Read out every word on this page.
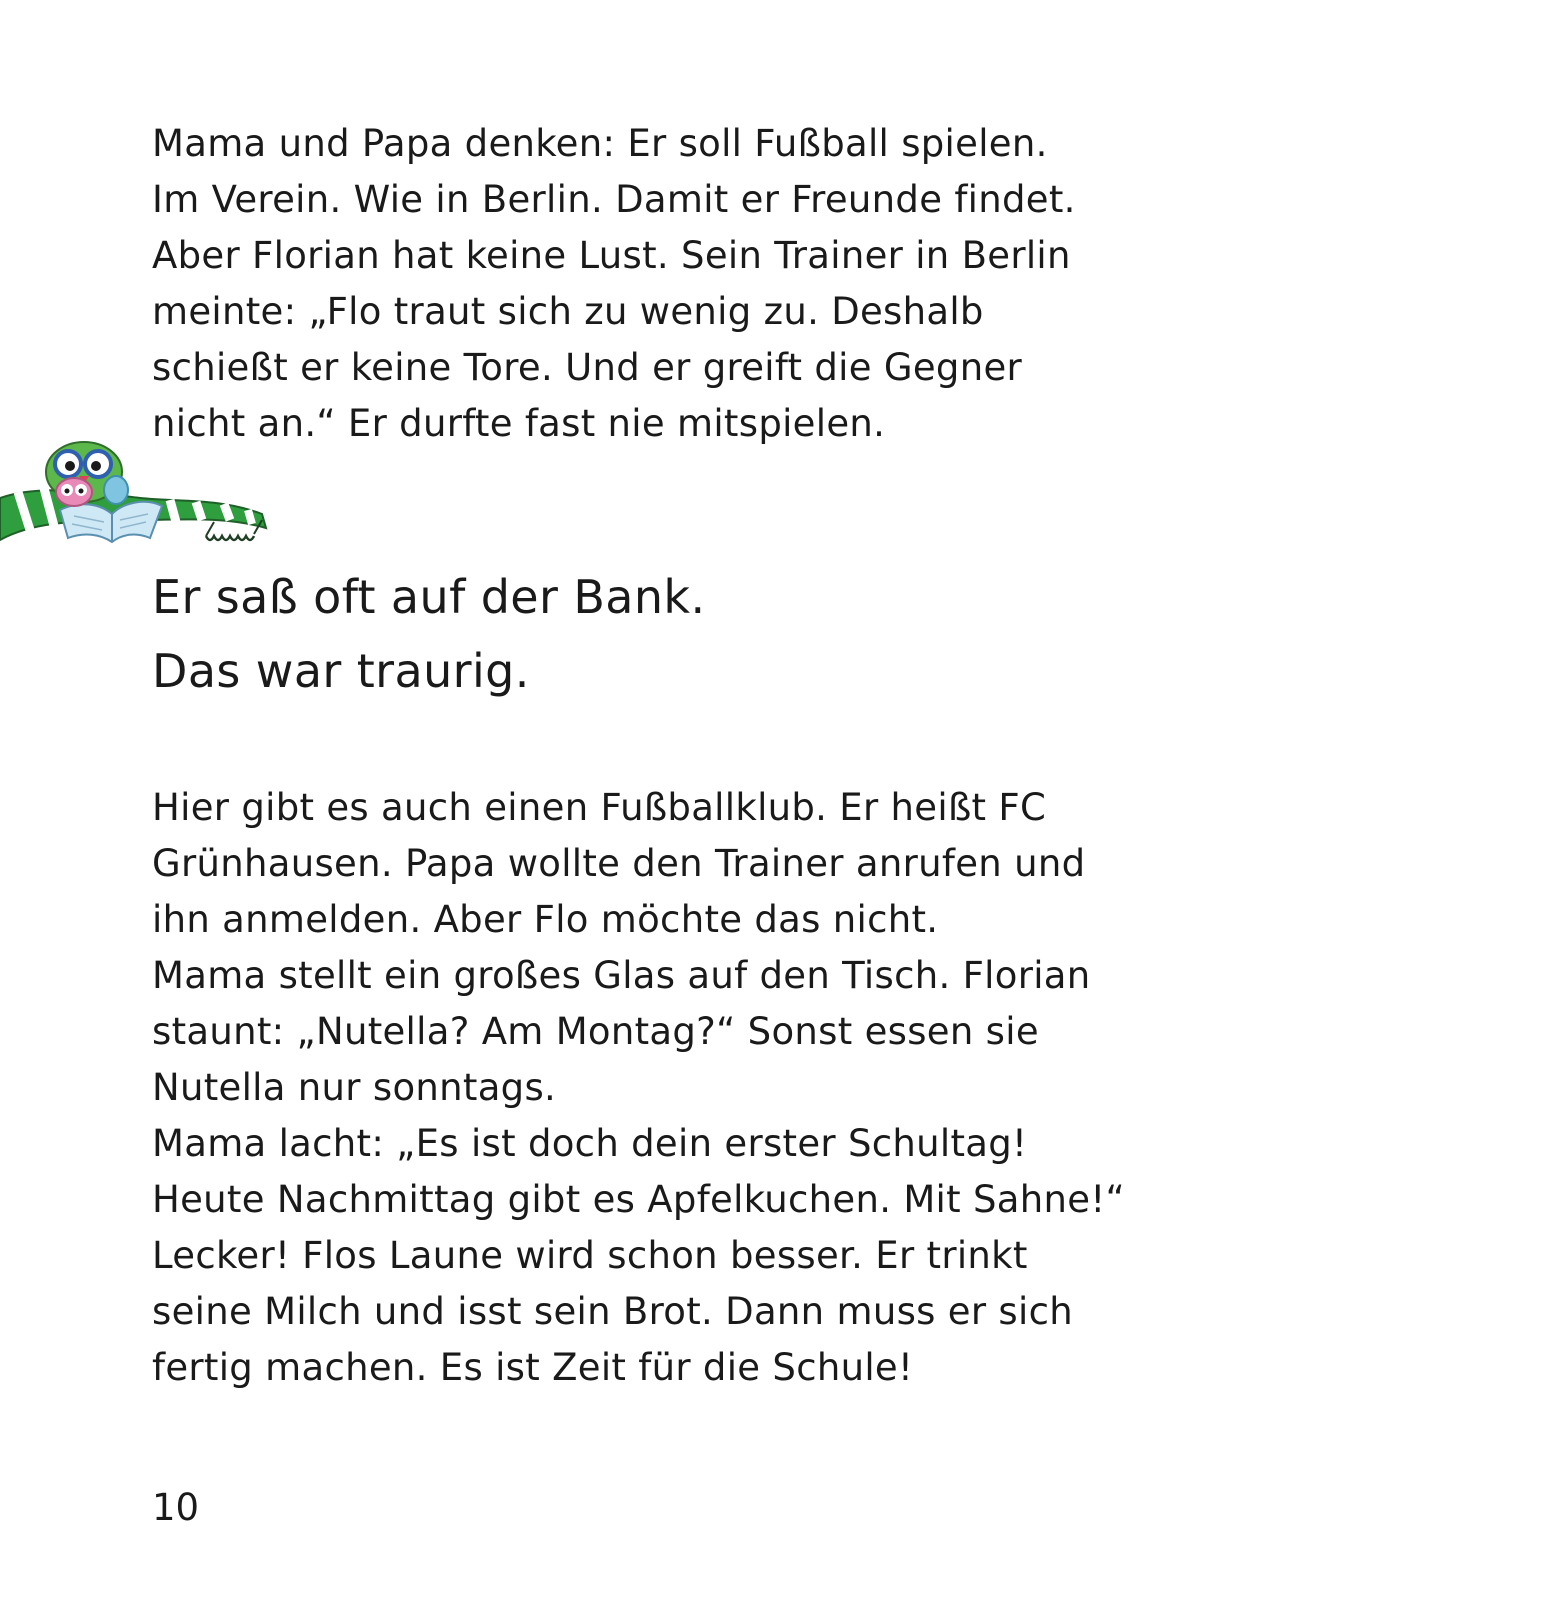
Mama und Papa denken: Er soll Fußball spielen.
Im Verein. Wie in Berlin. Damit er Freunde findet.
Aber Florian hat keine Lust. Sein Trainer in Berlin
meinte: „Flo traut sich zu wenig zu. Deshalb
schießt er keine Tore. Und er greift die Gegner
nicht an.“ Er durfte fast nie mitspielen.
Er saß oft auf der Bank.
Das war traurig.
Hier gibt es auch einen Fußballklub. Er heißt FC
Grünhausen. Papa wollte den Trainer anrufen und
ihn anmelden. Aber Flo möchte das nicht.
Mama stellt ein großes Glas auf den Tisch. Florian
staunt: „Nutella? Am Montag?“ Sonst essen sie
Nutella nur sonntags.
Mama lacht: „Es ist doch dein erster Schultag!
Heute Nachmittag gibt es Apfelkuchen. Mit Sahne!“
Lecker! Flos Laune wird schon besser. Er trinkt
seine Milch und isst sein Brot. Dann muss er sich
fertig machen. Es ist Zeit für die Schule!
10
